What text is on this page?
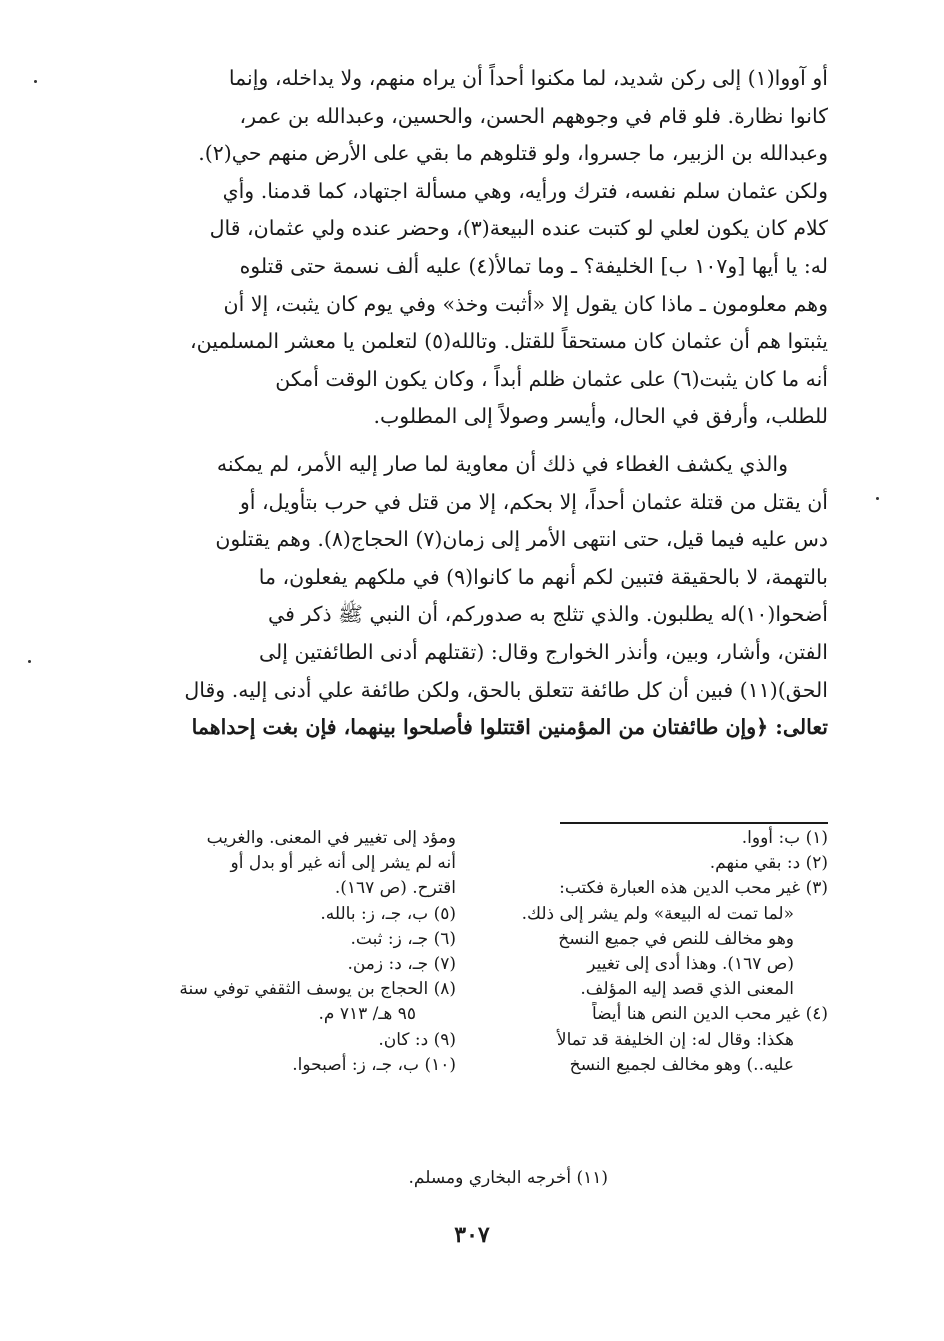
أو آووا(١) إلى ركن شديد، لما مكنوا أحداً أن يراه منهم، ولا يداخله، وإنما
كانوا نظارة. فلو قام في وجوههم الحسن، والحسين، وعبدالله بن عمر،
وعبدالله بن الزبير، ما جسروا، ولو قتلوهم ما بقي على الأرض منهم حي(٢).
ولكن عثمان سلم نفسه، فترك ورأيه، وهي مسألة اجتهاد، كما قدمنا. وأي
كلام كان يكون لعلي لو كتبت عنده البيعة(٣)، وحضر عنده ولي عثمان، قال
له: يا أيها [و١٠٧ ب] الخليفة؟ ـ وما تمالأ(٤) عليه ألف نسمة حتى قتلوه
وهم معلومون ـ ماذا كان يقول إلا «أثبت وخذ» وفي يوم كان يثبت، إلا أن
يثبتوا هم أن عثمان كان مستحقاً للقتل. وتالله(٥) لتعلمن يا معشر المسلمين،
أنه ما كان يثبت(٦) على عثمان ظلم أبداً ، وكان يكون الوقت أمكن
للطلب، وأرفق في الحال، وأيسر وصولاً إلى المطلوب.

والذي يكشف الغطاء في ذلك أن معاوية لما صار إليه الأمر، لم يمكنه
أن يقتل من قتلة عثمان أحداً، إلا بحكم، إلا من قتل في حرب بتأويل، أو
دس عليه فيما قيل، حتى انتهى الأمر إلى زمان(٧) الحجاج(٨). وهم يقتلون
بالتهمة، لا بالحقيقة فتبين لكم أنهم ما كانوا(٩) في ملكهم يفعلون، ما
أضحوا(١٠)له يطلبون. والذي تثلج به صدوركم، أن النبي ﷺ ذكر في
الفتن، وأشار، وبين، وأنذر الخوارج وقال: (تقتلهم أدنى الطائفتين إلى
الحق)(١١) فبين أن كل طائفة تتعلق بالحق، ولكن طائفة علي أدنى إليه. وقال
تعالى: ﴿وإن طائفتان من المؤمنين اقتتلوا فأصلحوا بينهما، فإن بغت إحداهما

(١) ب: أووا.
(٢) د: بقي منهم.
(٣) غير محب الدين هذه العبارة فكتب:
«لما تمت له البيعة» ولم يشر إلى ذلك.
وهو مخالف للنص في جميع النسخ
(ص ١٦٧). وهذا أدى إلى تغيير
المعنى الذي قصد إليه المؤلف.
(٤) غير محب الدين النص هنا أيضاً
هكذا: وقال له: إن الخليفة قد تمالأ
عليه..) وهو مخالف لجميع النسخ
ومؤد إلى تغيير في المعنى. والغريب
أنه لم يشر إلى أنه غير أو بدل أو
اقترح. (ص ١٦٧).
(٥) ب، جـ، ز: بالله.
(٦) جـ، ز: ثبت.
(٧) جـ، د: زمن.
(٨) الحجاج بن يوسف الثقفي توفي سنة
٩٥ هـ/ ٧١٣ م.
(٩) د: كان.
(١٠) ب، جـ، ز: أصبحوا.
(١١) أخرجه البخاري ومسلم.
٣٠٧
